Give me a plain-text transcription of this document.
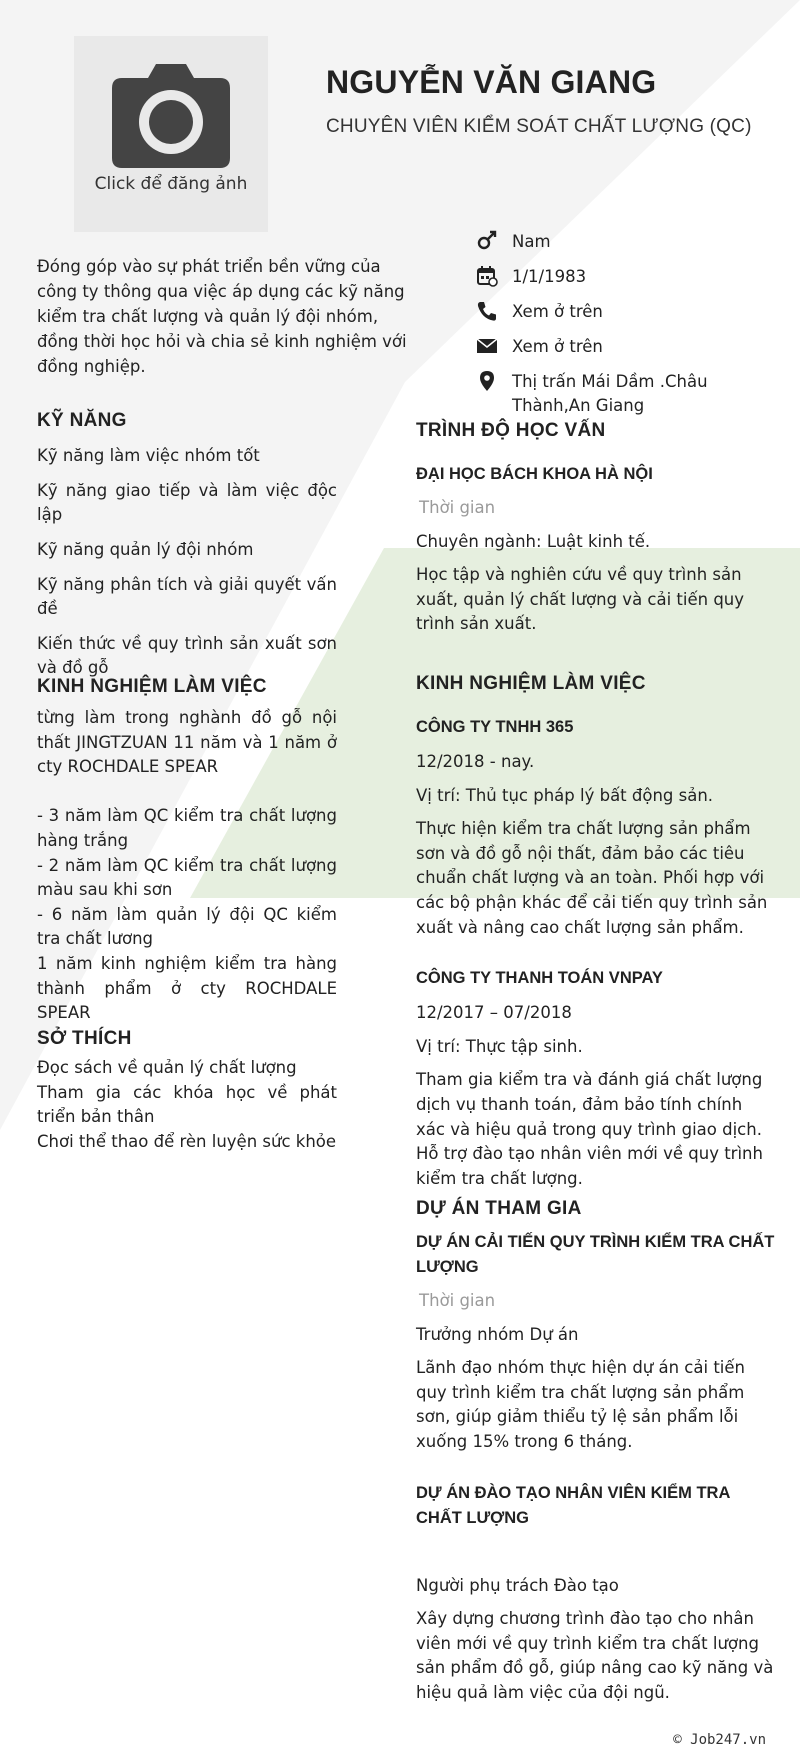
Click để đăng ảnh
NGUYỄN VĂN GIANG
CHUYÊN VIÊN KIỂM SOÁT CHẤT LƯỢNG (QC)
Đóng góp vào sự phát triển bền vững của công ty thông qua việc áp dụng các kỹ năng kiểm tra chất lượng và quản lý đội nhóm, đồng thời học hỏi và chia sẻ kinh nghiệm với đồng nghiệp.
Nam
1/1/1983
Xem ở trên
Xem ở trên
Thị trấn Mái Dầm .Châu Thành,An Giang
KỸ NĂNG
Kỹ năng làm việc nhóm tốt
Kỹ năng giao tiếp và làm việc độc lập
Kỹ năng quản lý đội nhóm
Kỹ năng phân tích và giải quyết vấn đề
Kiến thức về quy trình sản xuất sơn và đồ gỗ
KINH NGHIỆM LÀM VIỆC
từng làm trong nghành đồ gỗ nội thất JINGTZUAN 11 năm và 1 năm ở cty ROCHDALE SPEAR

- 3 năm làm QC kiểm tra chất lượng hàng trắng
- 2 năm làm QC kiểm tra chất lượng màu sau khi sơn
- 6 năm làm quản lý đội QC kiểm tra chất lương
1 năm kinh nghiệm kiểm tra hàng thành phẩm ở cty ROCHDALE SPEAR
SỞ THÍCH
Đọc sách về quản lý chất lượng
Tham gia các khóa học về phát triển bản thân
Chơi thể thao để rèn luyện sức khỏe
TRÌNH ĐỘ HỌC VẤN
ĐẠI HỌC BÁCH KHOA HÀ NỘI
Thời gian
Chuyên ngành: Luật kinh tế.
Học tập và nghiên cứu về quy trình sản xuất, quản lý chất lượng và cải tiến quy trình sản xuất.
KINH NGHIỆM LÀM VIỆC
CÔNG TY TNHH 365
12/2018 - nay.
Vị trí: Thủ tục pháp lý bất động sản.
Thực hiện kiểm tra chất lượng sản phẩm sơn và đồ gỗ nội thất, đảm bảo các tiêu chuẩn chất lượng và an toàn. Phối hợp với các bộ phận khác để cải tiến quy trình sản xuất và nâng cao chất lượng sản phẩm.
CÔNG TY THANH TOÁN VNPAY
12/2017 – 07/2018
Vị trí: Thực tập sinh.
Tham gia kiểm tra và đánh giá chất lượng dịch vụ thanh toán, đảm bảo tính chính xác và hiệu quả trong quy trình giao dịch. Hỗ trợ đào tạo nhân viên mới về quy trình kiểm tra chất lượng.
DỰ ÁN THAM GIA
DỰ ÁN CẢI TIẾN QUY TRÌNH KIỂM TRA CHẤT LƯỢNG
Thời gian
Trưởng nhóm Dự án
Lãnh đạo nhóm thực hiện dự án cải tiến quy trình kiểm tra chất lượng sản phẩm sơn, giúp giảm thiểu tỷ lệ sản phẩm lỗi xuống 15% trong 6 tháng.
DỰ ÁN ĐÀO TẠO NHÂN VIÊN KIỂM TRA CHẤT LƯỢNG
Người phụ trách Đào tạo
Xây dựng chương trình đào tạo cho nhân viên mới về quy trình kiểm tra chất lượng sản phẩm đồ gỗ, giúp nâng cao kỹ năng và hiệu quả làm việc của đội ngũ.
© Job247.vn
